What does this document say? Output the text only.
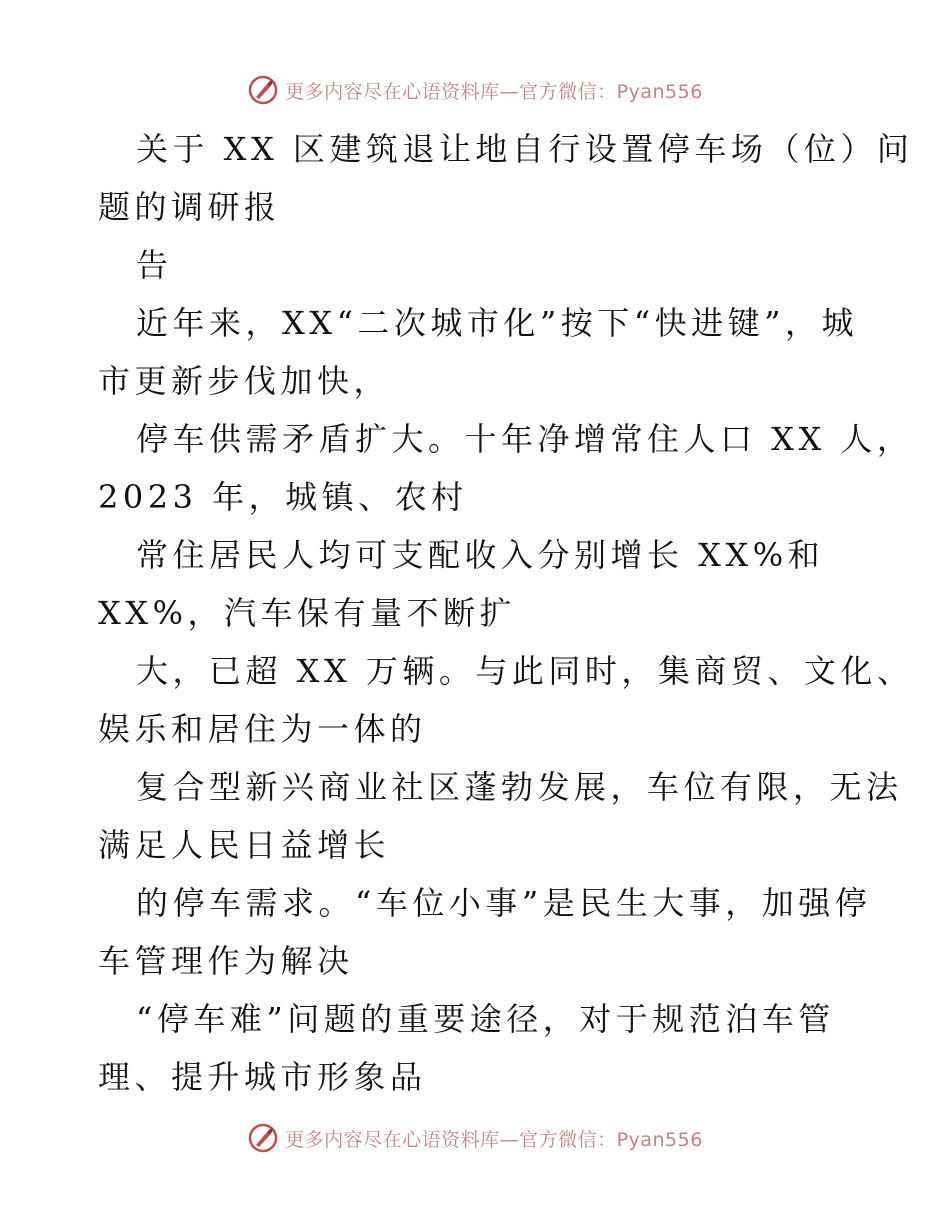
更多内容尽在心语资料库—官方微信：Pyan556
关于 XX 区建筑退让地自行设置停车场（位）问
题的调研报
告
近年来，XX“二次城市化”按下“快进键”，城
市更新步伐加快，
停车供需矛盾扩大。十年净增常住人口 XX 人，
2023 年，城镇、农村
常住居民人均可支配收入分别增长 XX%和
XX%，汽车保有量不断扩
大，已超 XX 万辆。与此同时，集商贸、文化、
娱乐和居住为一体的
复合型新兴商业社区蓬勃发展，车位有限，无法
满足人民日益增长
的停车需求。“车位小事”是民生大事，加强停
车管理作为解决
“停车难”问题的重要途径，对于规范泊车管
理、提升城市形象品
更多内容尽在心语资料库—官方微信：Pyan556
